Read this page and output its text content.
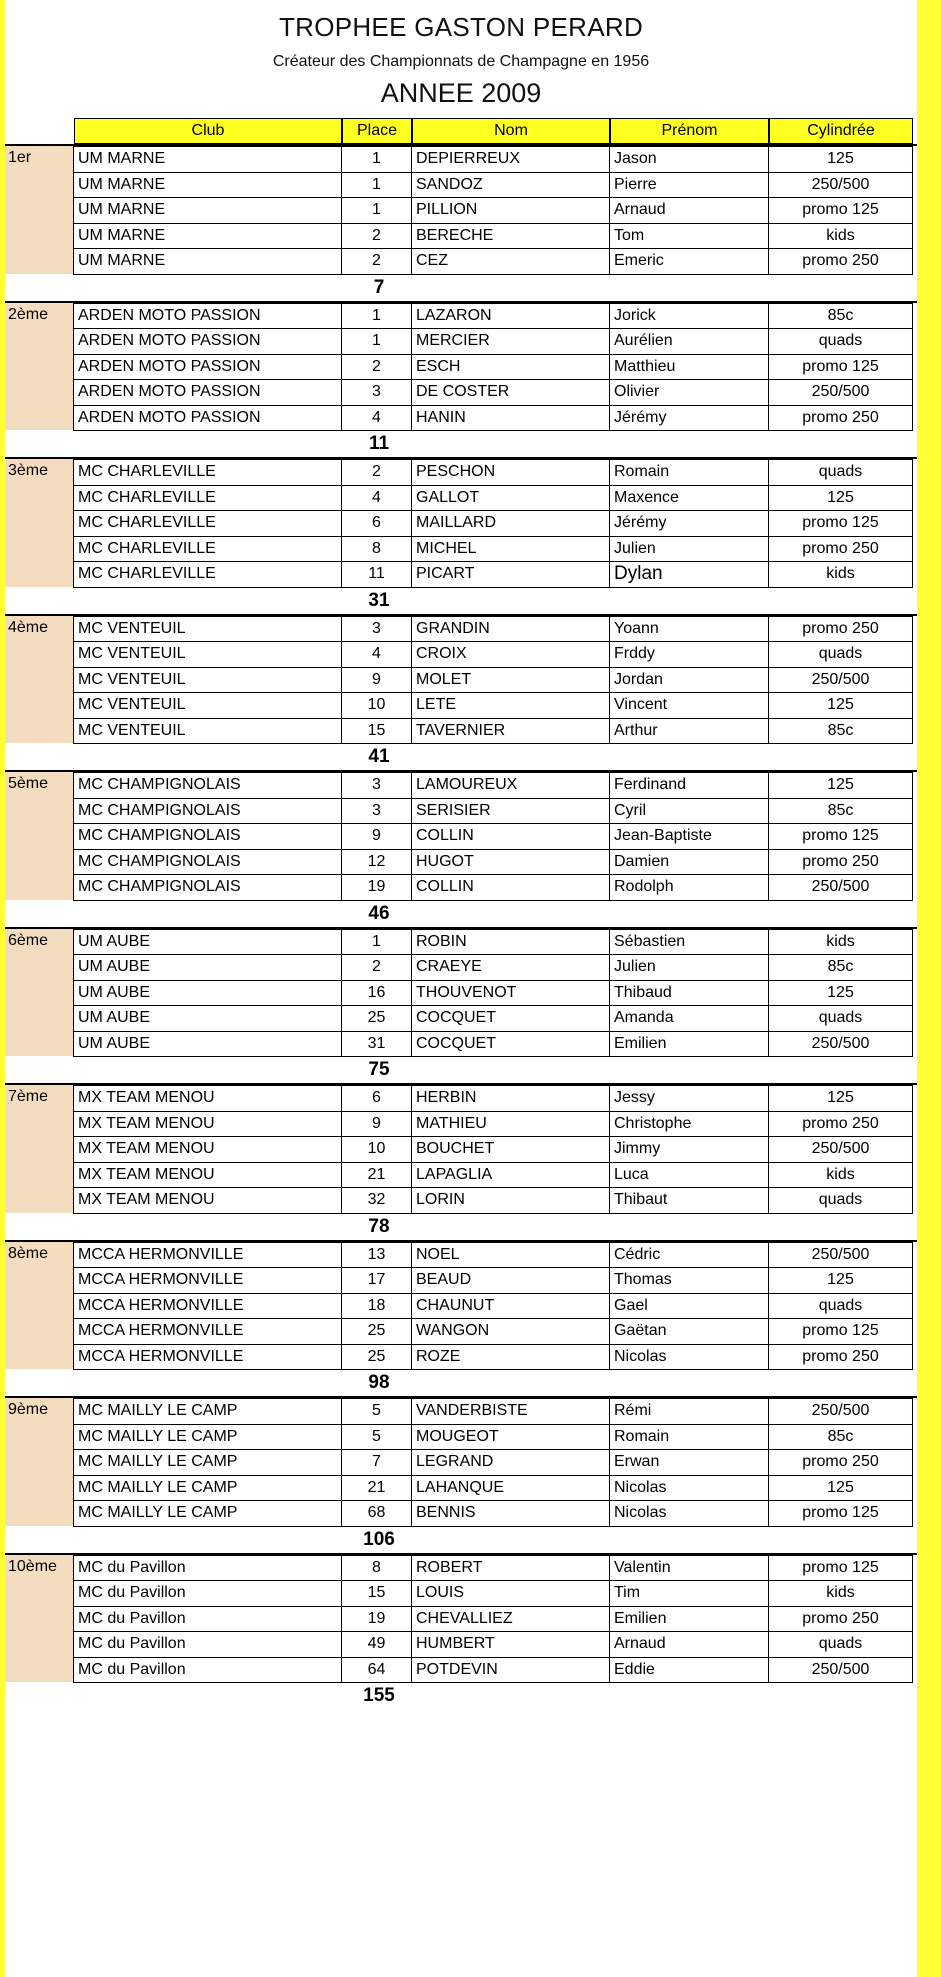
TROPHEE GASTON PERARD
Créateur des Championnats de Champagne en 1956
ANNEE 2009
Club	Place	Nom	Prénom	Cylindrée
1er	UM MARNE	1	DEPIERREUX	Jason	125
UM MARNE	1	SANDOZ	Pierre	250/500
UM MARNE	1	PILLION	Arnaud	promo 125
UM MARNE	2	BERECHE	Tom	kids
UM MARNE	2	CEZ	Emeric	promo 250
7
2ème	ARDEN MOTO PASSION	1	LAZARON	Jorick	85c
ARDEN MOTO PASSION	1	MERCIER	Aurélien	quads
ARDEN MOTO PASSION	2	ESCH	Matthieu	promo 125
ARDEN MOTO PASSION	3	DE COSTER	Olivier	250/500
ARDEN MOTO PASSION	4	HANIN	Jérémy	promo 250
11
3ème	MC CHARLEVILLE	2	PESCHON	Romain	quads
MC CHARLEVILLE	4	GALLOT	Maxence	125
MC CHARLEVILLE	6	MAILLARD	Jérémy	promo 125
MC CHARLEVILLE	8	MICHEL	Julien	promo 250
MC CHARLEVILLE	11	PICART	Dylan	kids
31
4ème	MC VENTEUIL	3	GRANDIN	Yoann	promo 250
MC VENTEUIL	4	CROIX	Frddy	quads
MC VENTEUIL	9	MOLET	Jordan	250/500
MC VENTEUIL	10	LETE	Vincent	125
MC VENTEUIL	15	TAVERNIER	Arthur	85c
41
5ème	MC CHAMPIGNOLAIS	3	LAMOUREUX	Ferdinand	125
MC CHAMPIGNOLAIS	3	SERISIER	Cyril	85c
MC CHAMPIGNOLAIS	9	COLLIN	Jean-Baptiste	promo 125
MC CHAMPIGNOLAIS	12	HUGOT	Damien	promo 250
MC CHAMPIGNOLAIS	19	COLLIN	Rodolph	250/500
46
6ème	UM AUBE	1	ROBIN	Sébastien	kids
UM AUBE	2	CRAEYE	Julien	85c
UM AUBE	16	THOUVENOT	Thibaud	125
UM AUBE	25	COCQUET	Amanda	quads
UM AUBE	31	COCQUET	Emilien	250/500
75
7ème	MX TEAM MENOU	6	HERBIN	Jessy	125
MX TEAM MENOU	9	MATHIEU	Christophe	promo 250
MX TEAM MENOU	10	BOUCHET	Jimmy	250/500
MX TEAM MENOU	21	LAPAGLIA	Luca	kids
MX TEAM MENOU	32	LORIN	Thibaut	quads
78
8ème	MCCA HERMONVILLE	13	NOEL	Cédric	250/500
MCCA HERMONVILLE	17	BEAUD	Thomas	125
MCCA HERMONVILLE	18	CHAUNUT	Gael	quads
MCCA HERMONVILLE	25	WANGON	Gaëtan	promo 125
MCCA HERMONVILLE	25	ROZE	Nicolas	promo 250
98
9ème	MC MAILLY LE CAMP	5	VANDERBISTE	Rémi	250/500
MC MAILLY LE CAMP	5	MOUGEOT	Romain	85c
MC MAILLY LE CAMP	7	LEGRAND	Erwan	promo 250
MC MAILLY LE CAMP	21	LAHANQUE	Nicolas	125
MC MAILLY LE CAMP	68	BENNIS	Nicolas	promo 125
106
10ème	MC du Pavillon	8	ROBERT	Valentin	promo 125
MC du Pavillon	15	LOUIS	Tim	kids
MC du Pavillon	19	CHEVALLIEZ	Emilien	promo 250
MC du Pavillon	49	HUMBERT	Arnaud	quads
MC du Pavillon	64	POTDEVIN	Eddie	250/500
155
